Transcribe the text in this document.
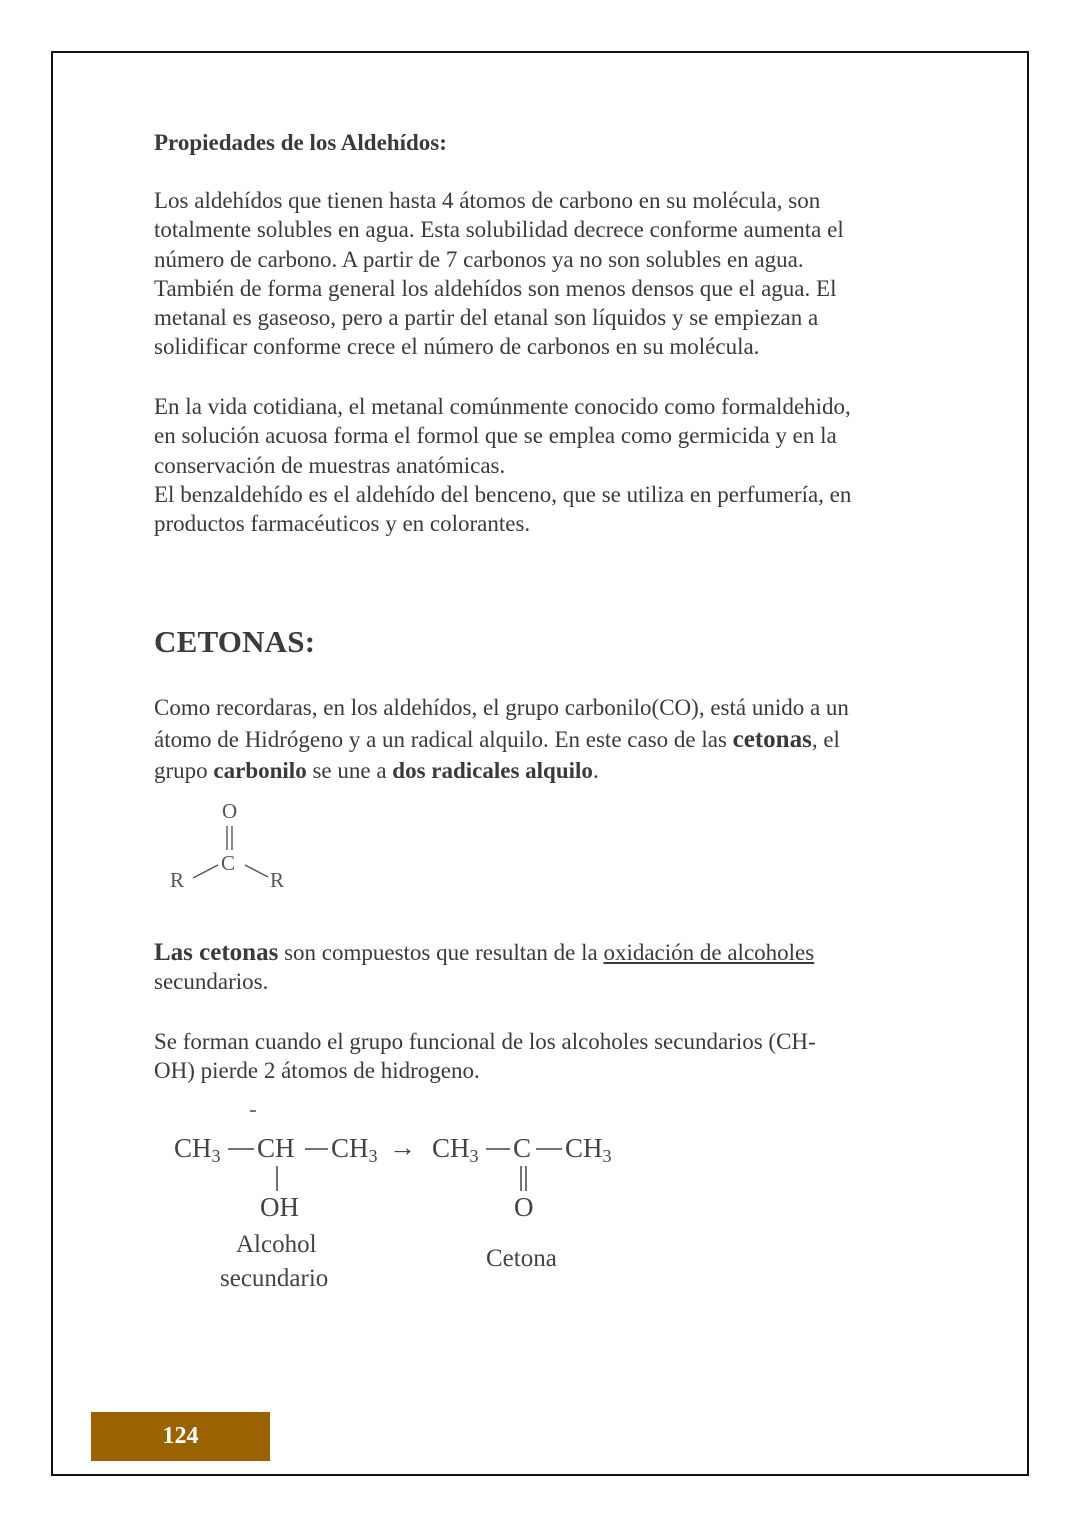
Propiedades de los Aldehídos:

Los aldehídos que tienen hasta 4 átomos de carbono en su molécula, son
totalmente solubles en agua. Esta solubilidad decrece conforme aumenta el
número de carbono. A partir de 7 carbonos ya no son solubles en agua.
También de forma general los aldehídos son menos densos que el agua. El
metanal es gaseoso, pero a partir del etanal son líquidos y se empiezan a
solidificar conforme crece el número de carbonos en su molécula.

En la vida cotidiana, el metanal comúnmente conocido como formaldehido,
en solución acuosa forma el formol que se emplea como germicida y en la
conservación de muestras anatómicas.
El benzaldehído es el aldehído del benceno, que se utiliza en perfumería, en
productos farmacéuticos y en colorantes.

CETONAS:

Como recordaras, en los aldehídos, el grupo carbonilo(CO), está unido a un
átomo de Hidrógeno y a un radical alquilo. En este caso de las cetonas, el
grupo carbonilo se une a dos radicales alquilo.

Las cetonas son compuestos que resultan de la oxidación de alcoholes
secundarios.

Se forman cuando el grupo funcional de los alcoholes secundarios (CH-
OH) pierde 2 átomos de hidrogeno.

O
C
R	R
CH3 CH CH3
OH
→ CH3 C CH3
O
Alcohol
secundario
Cetona
124
